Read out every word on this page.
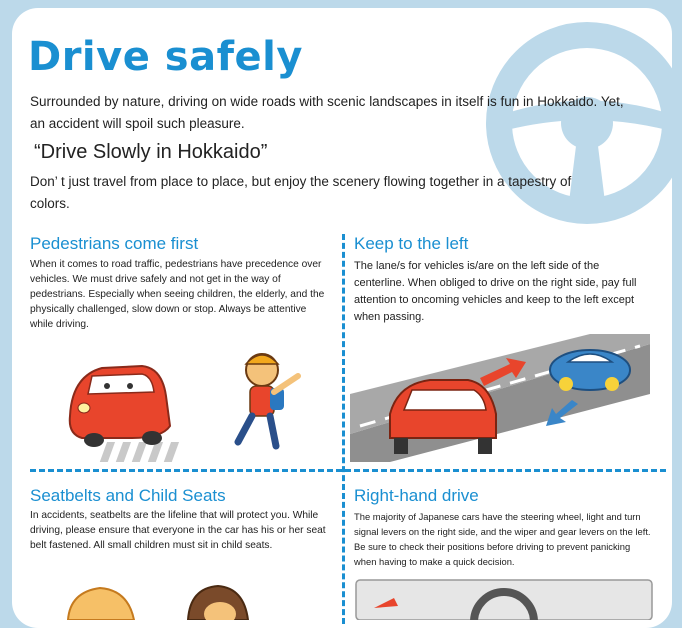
Drive safely

Surrounded by nature, driving on wide roads with scenic landscapes in itself is fun in Hokkaido. Yet, an accident will spoil such pleasure.

“Drive Slowly in Hokkaido”

Don’ t just travel from place to place, but enjoy the scenery flowing together in a tapestry of colors.

Pedestrians come first

When it comes to road traffic, pedestrians have precedence over vehicles. We must drive safely and not get in the way of pedestrians. Especially when seeing children, the elderly, and the physically challenged, slow down or stop. Always be attentive while driving.

Keep to the left

The lane/s for vehicles is/are on the left side of the centerline. When obliged to drive on the right side, pay full attention to oncoming vehicles and keep to the left except when passing.

Seatbelts and Child Seats

In accidents, seatbelts are the lifeline that will protect you. While driving, please ensure that everyone in the car has his or her seat belt fastened. All small children must sit in child seats.

Right-hand drive

The majority of Japanese cars have the steering wheel, light and turn signal levers on the right side, and the wiper and gear levers on the left. Be sure to check their positions before driving to prevent panicking when having to make a quick decision.
